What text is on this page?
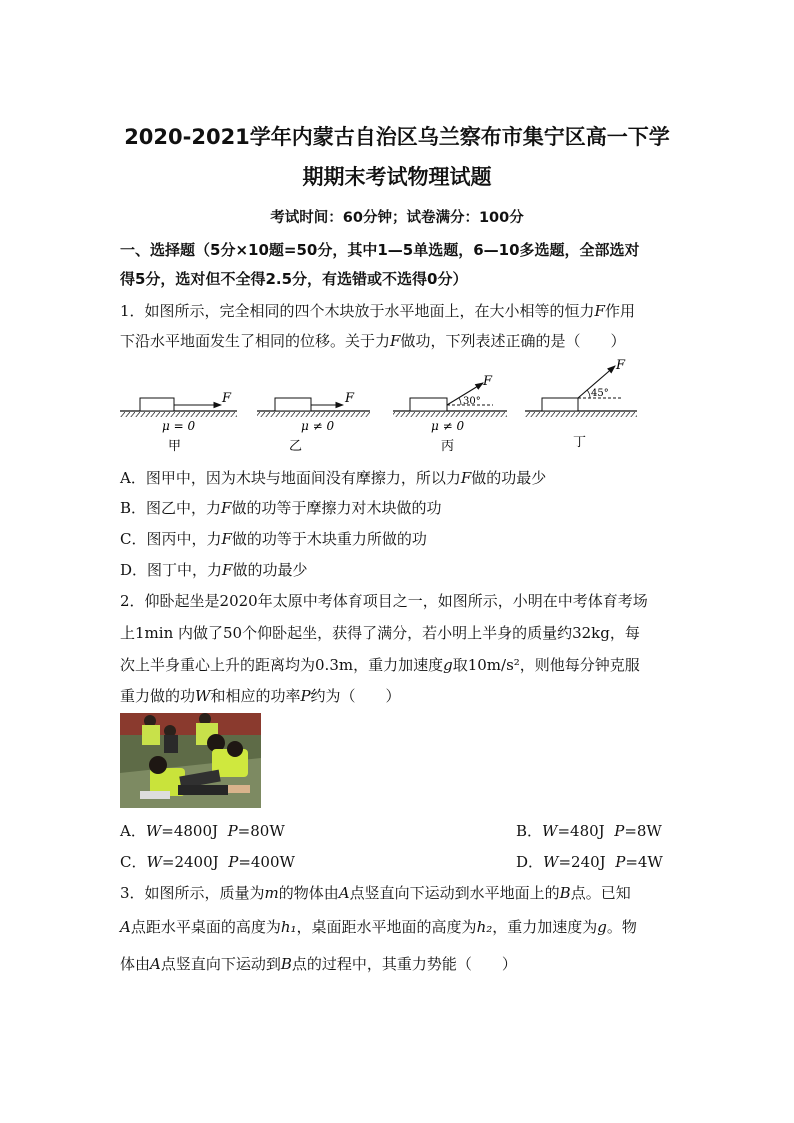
2020-2021学年内蒙古自治区乌兰察布市集宁区高一下学
期期末考试物理试题
考试时间：60分钟；试卷满分：100分
一、选择题（5分×10题=50分，其中1—5单选题，6—10多选题，全部选对
得5分，选对但不全得2.5分，有选错或不选得0分）
1．如图所示，完全相同的四个木块放于水平地面上，在大小相等的恒力F作用
下沿水平地面发生了相同的位移。关于力F做功，下列表述正确的是（　　）
F
μ = 0
甲
F
μ ≠ 0
乙
F
30°
μ ≠ 0
丙
F
45°
丁
A．图甲中，因为木块与地面间没有摩擦力，所以力F做的功最少
B．图乙中，力F做的功等于摩擦力对木块做的功
C．图丙中，力F做的功等于木块重力所做的功
D．图丁中，力F做的功最少
2．仰卧起坐是2020年太原中考体育项目之一，如图所示，小明在中考体育考场
上1min 内做了50个仰卧起坐，获得了满分，若小明上半身的质量约32kg，每
次上半身重心上升的距离均为0.3m，重力加速度g取10m/s²，则他每分钟克服
重力做的功W和相应的功率P约为（　　）
A．W=4800J P=80W	B．W=480J P=8W
C．W=2400J P=400W	D．W=240J P=4W
3．如图所示，质量为m的物体由A点竖直向下运动到水平地面上的B点。已知
A点距水平桌面的高度为h₁，桌面距水平地面的高度为h₂，重力加速度为g。物
体由A点竖直向下运动到B点的过程中，其重力势能（　　）
